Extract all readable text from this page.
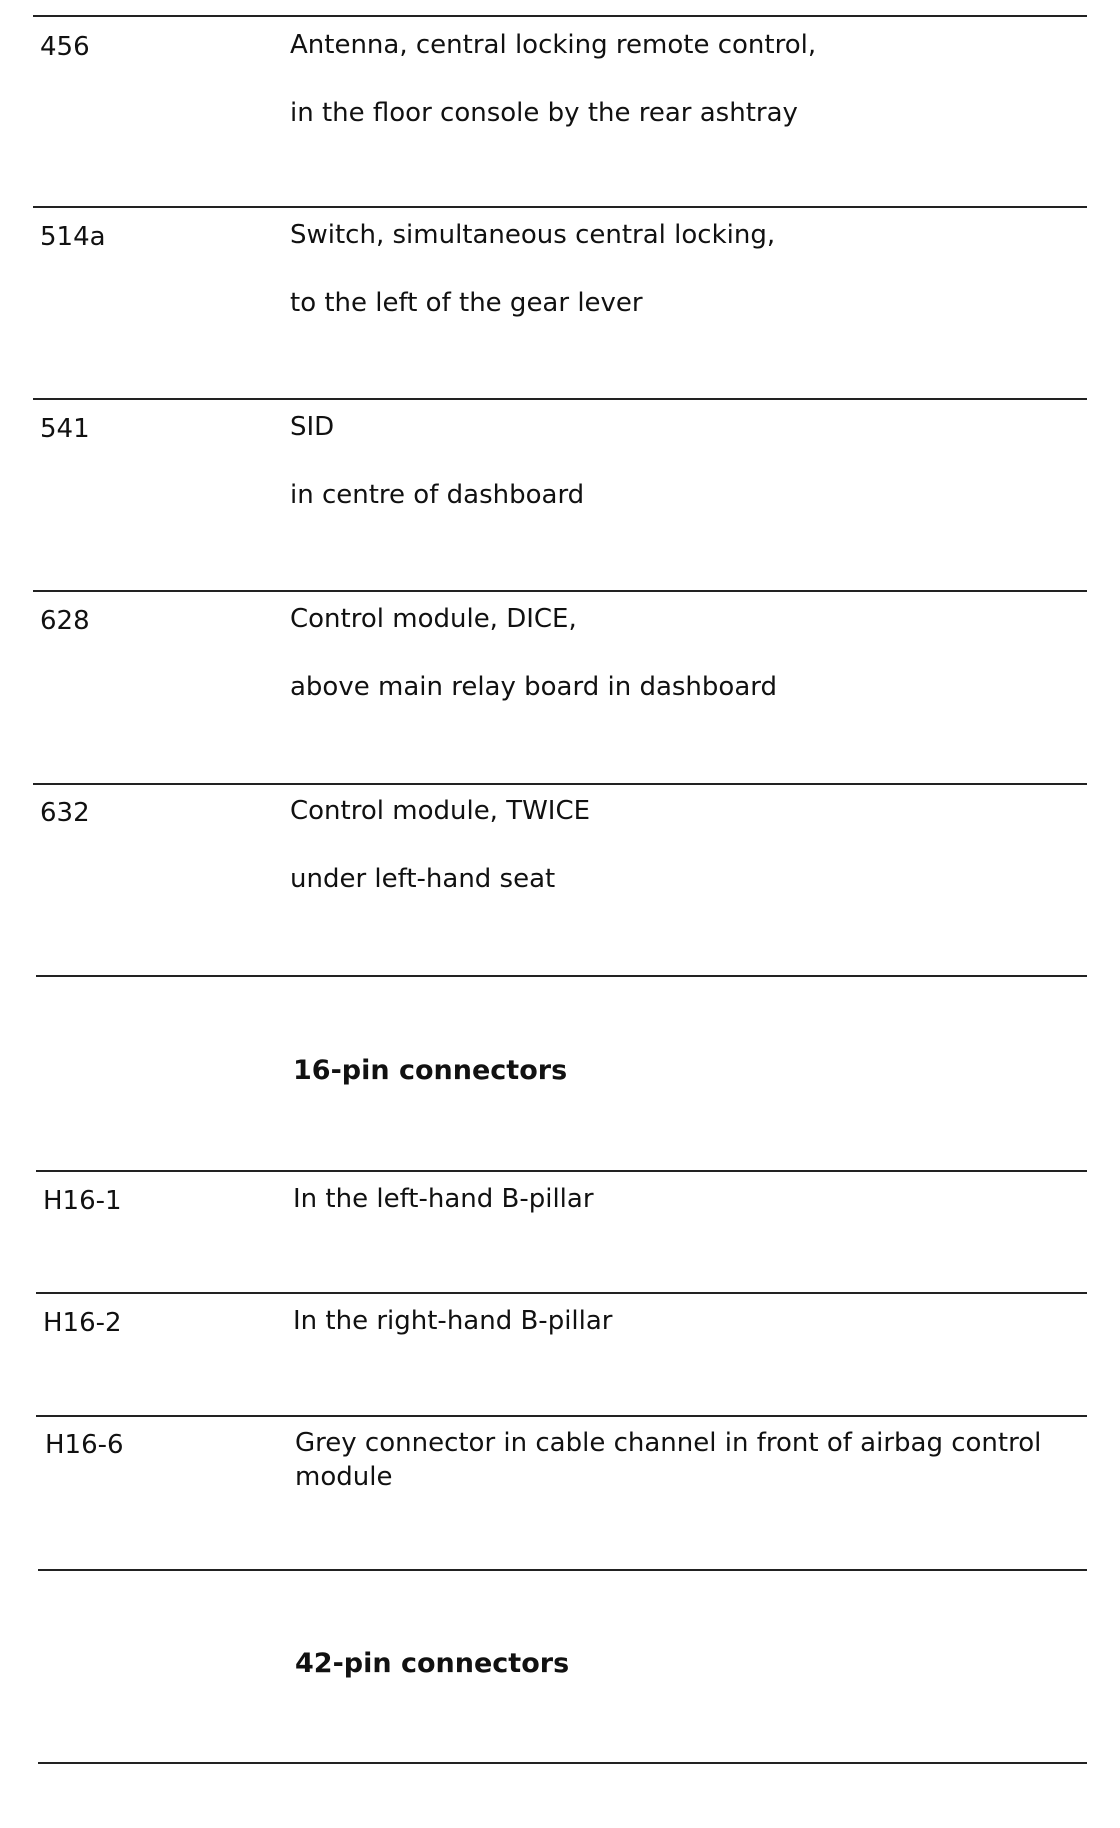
456	Antenna, central locking remote control,
in the floor console by the rear ashtray
514a	Switch, simultaneous central locking,
to the left of the gear lever
541	SID
in centre of dashboard
628	Control module, DICE,
above main relay board in dashboard
632	Control module, TWICE
under left-hand seat
16-pin connectors
H16-1	In the left-hand B-pillar
H16-2	In the right-hand B-pillar
H16-6	Grey connector in cable channel in front of airbag control module
42-pin connectors
